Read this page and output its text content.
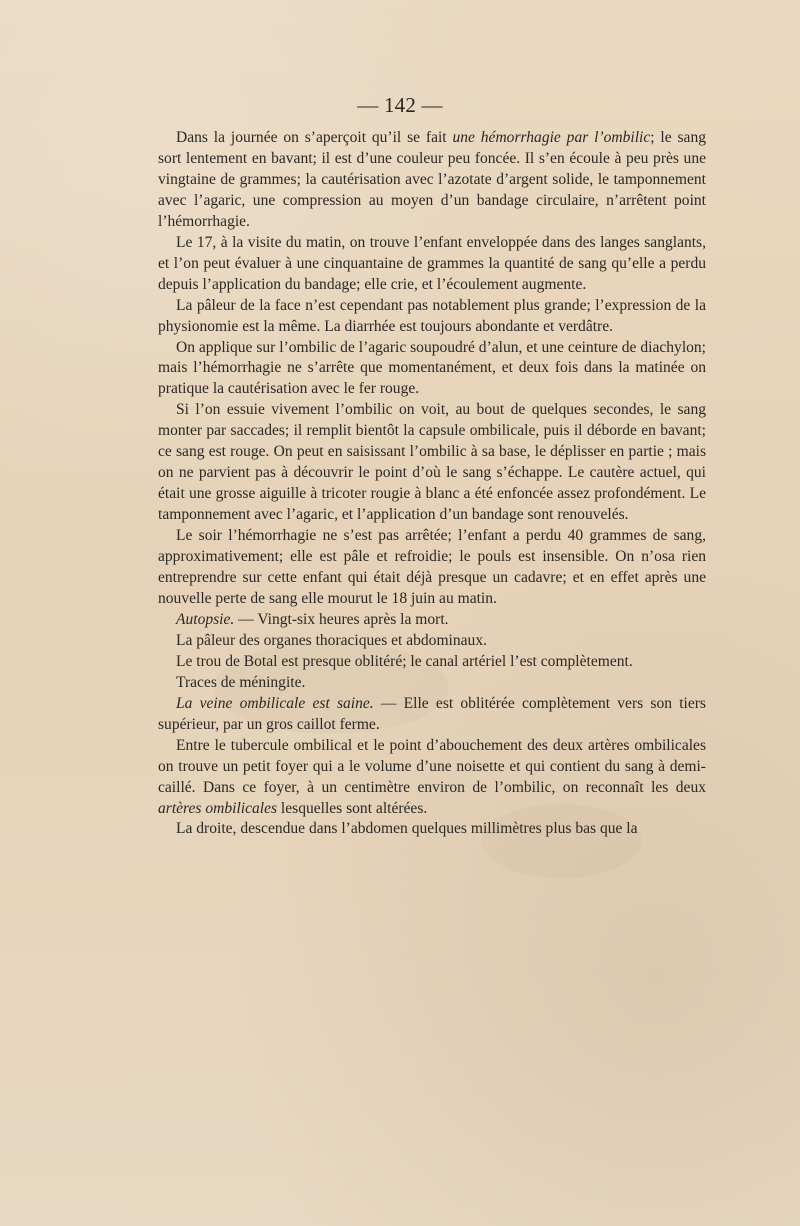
— 142 —

Dans la journée on s’aperçoit qu’il se fait une hémorrhagie par l’ombilic; le sang sort lentement en bavant; il est d’une couleur peu foncée. Il s’en écoule à peu près une vingtaine de grammes; la cautérisation avec l’azotate d’argent solide, le tamponnement avec l’agaric, une compression au moyen d’un bandage circulaire, n’arrêtent point l’hémorrhagie.

Le 17, à la visite du matin, on trouve l’enfant enveloppée dans des langes sanglants, et l’on peut évaluer à une cinquantaine de grammes la quantité de sang qu’elle a perdu depuis l’application du bandage; elle crie, et l’écoulement augmente.

La pâleur de la face n’est cependant pas notablement plus grande; l’expression de la physionomie est la même. La diarrhée est toujours abondante et verdâtre.

On applique sur l’ombilic de l’agaric soupoudré d’alun, et une ceinture de diachylon; mais l’hémorrhagie ne s’arrête que momentanément, et deux fois dans la matinée on pratique la cautérisation avec le fer rouge.

Si l’on essuie vivement l’ombilic on voit, au bout de quelques secondes, le sang monter par saccades; il remplit bientôt la capsule ombilicale, puis il déborde en bavant; ce sang est rouge. On peut en saisissant l’ombilic à sa base, le déplisser en partie ; mais on ne parvient pas à découvrir le point d’où le sang s’échappe. Le cautère actuel, qui était une grosse aiguille à tricoter rougie à blanc a été enfoncée assez profondément. Le tamponnement avec l’agaric, et l’application d’un bandage sont renouvelés.

Le soir l’hémorrhagie ne s’est pas arrêtée; l’enfant a perdu 40 grammes de sang, approximativement; elle est pâle et refroidie; le pouls est insensible. On n’osa rien entreprendre sur cette enfant qui était déjà presque un cadavre; et en effet après une nouvelle perte de sang elle mourut le 18 juin au matin.

Autopsie. — Vingt-six heures après la mort.

La pâleur des organes thoraciques et abdominaux.

Le trou de Botal est presque oblitéré; le canal artériel l’est complètement.

Traces de méningite.

La veine ombilicale est saine. — Elle est oblitérée complètement vers son tiers supérieur, par un gros caillot ferme.

Entre le tubercule ombilical et le point d’abouchement des deux artères ombilicales on trouve un petit foyer qui a le volume d’une noisette et qui contient du sang à demi-caillé. Dans ce foyer, à un centimètre environ de l’ombilic, on reconnaît les deux artères ombilicales lesquelles sont altérées.

La droite, descendue dans l’abdomen quelques millimètres plus bas que la
